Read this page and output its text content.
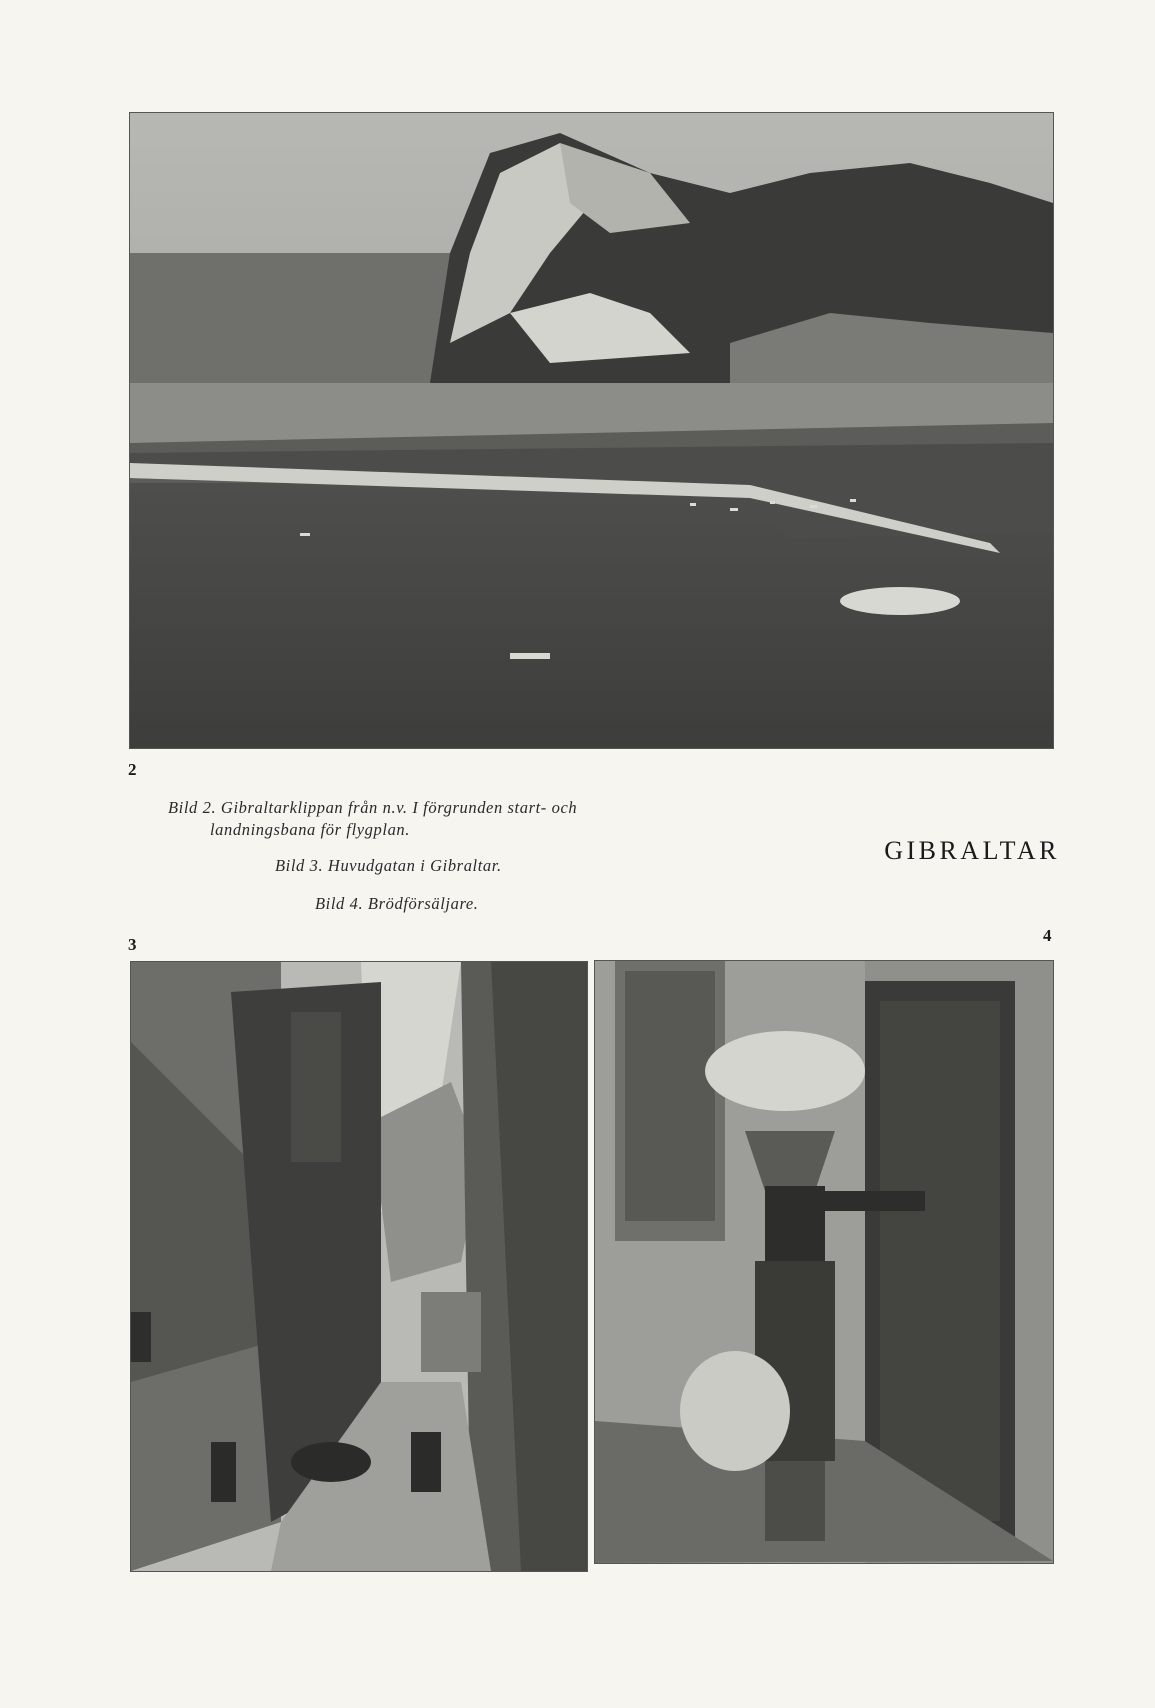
2
Bild 2. Gibraltarklippan från n.v. I förgrunden start- och
landningsbana för flygplan.
Bild 3. Huvudgatan i Gibraltar.
Bild 4. Brödförsäljare.
GIBRALTAR
3	4
